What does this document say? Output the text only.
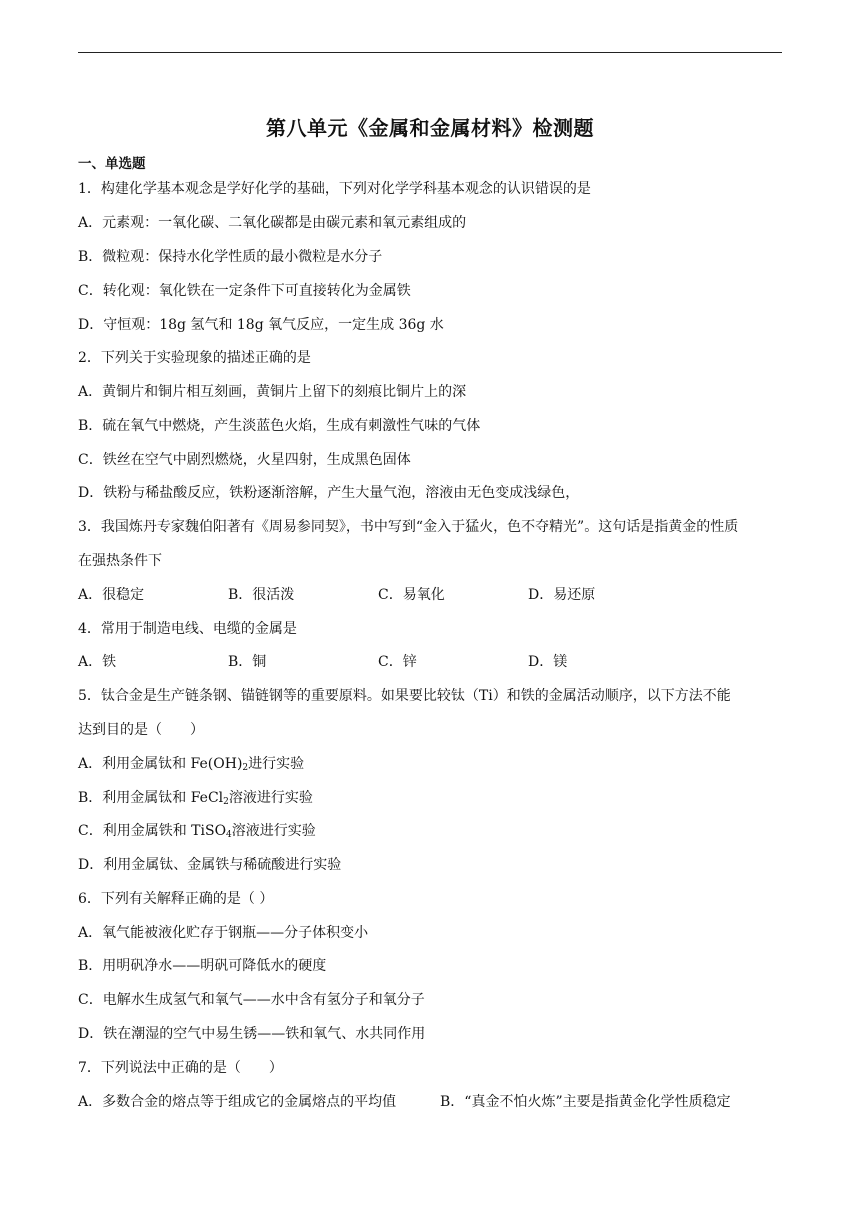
第八单元《金属和金属材料》检测题
一、单选题
1．构建化学基本观念是学好化学的基础，下列对化学学科基本观念的认识错误的是
A．元素观：一氧化碳、二氧化碳都是由碳元素和氧元素组成的
B．微粒观：保持水化学性质的最小微粒是水分子
C．转化观：氧化铁在一定条件下可直接转化为金属铁
D．守恒观：18g 氢气和 18g 氧气反应，一定生成 36g 水
2．下列关于实验现象的描述正确的是
A．黄铜片和铜片相互刻画，黄铜片上留下的刻痕比铜片上的深
B．硫在氧气中燃烧，产生淡蓝色火焰，生成有刺激性气味的气体
C．铁丝在空气中剧烈燃烧，火星四射，生成黑色固体
D．铁粉与稀盐酸反应，铁粉逐渐溶解，产生大量气泡，溶液由无色变成浅绿色，
3．我国炼丹专家魏伯阳著有《周易参同契》，书中写到“金入于猛火，色不夺精光”。这句话是指黄金的性质
在强热条件下
A．很稳定	B．很活泼	C．易氧化	D．易还原
4．常用于制造电线、电缆的金属是
A．铁	B．铜	C．锌	D．镁
5．钛合金是生产链条钢、锚链钢等的重要原料。如果要比较钛（Ti）和铁的金属活动顺序，以下方法不能
达到目的是（　　）
A．利用金属钛和 $Fe(OH)_2$进行实验
B．利用金属钛和 FeCl$_2$溶液进行实验
C．利用金属铁和 TiSO$_4$溶液进行实验
D．利用金属钛、金属铁与稀硫酸进行实验
6．下列有关解释正确的是（ ）
A．氧气能被液化贮存于钢瓶——分子体积变小
B．用明矾净水——明矾可降低水的硬度
C．电解水生成氢气和氧气——水中含有氢分子和氧分子
D．铁在潮湿的空气中易生锈——铁和氧气、水共同作用
7．下列说法中正确的是（　　）
A．多数合金的熔点等于组成它的金属熔点的平均值	B．“真金不怕火炼”主要是指黄金化学性质稳定
